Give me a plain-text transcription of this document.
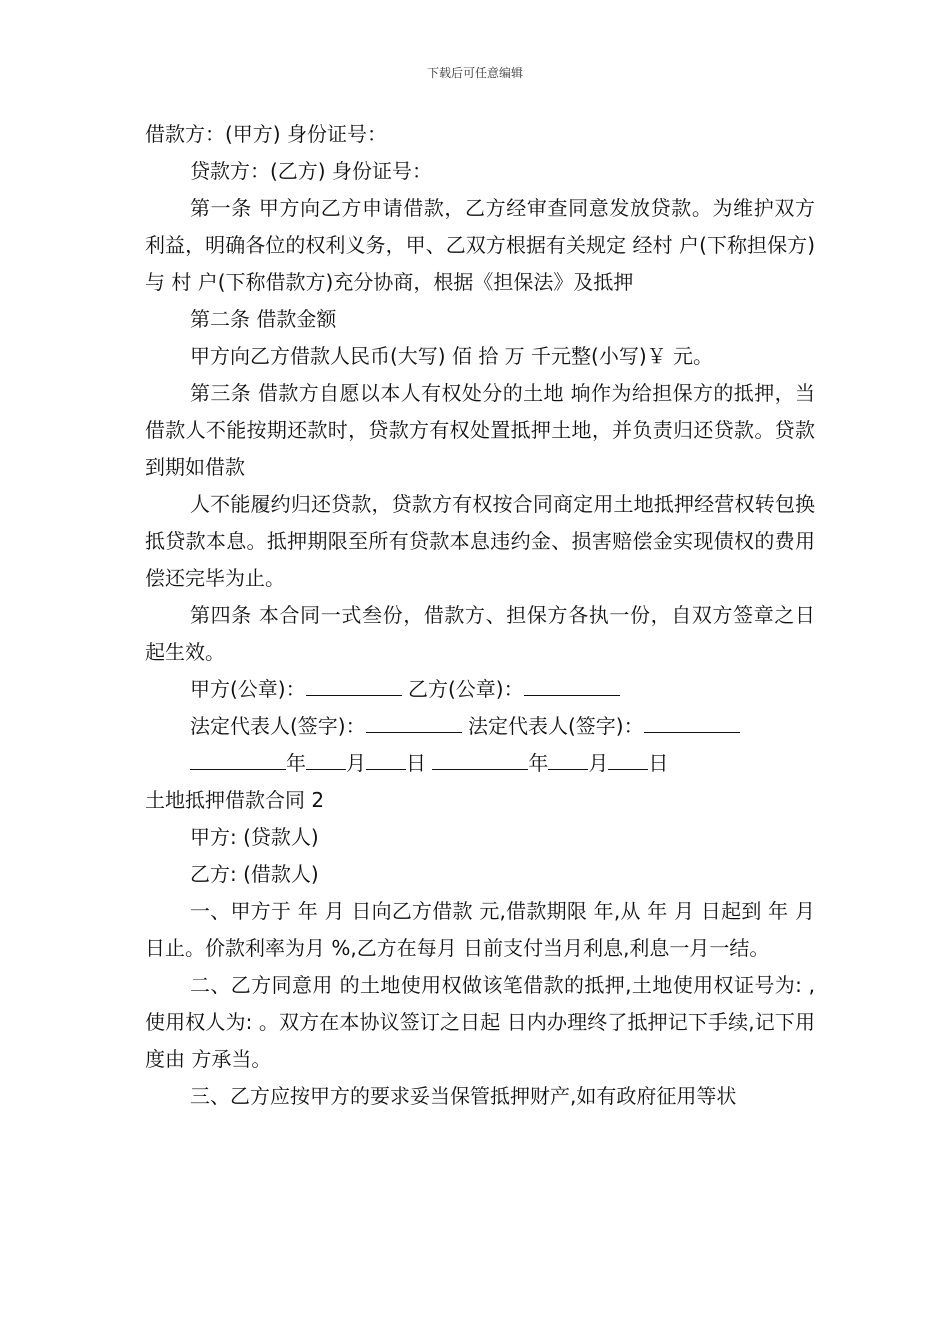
下载后可任意编辑
借款方：(甲方) 身份证号：
贷款方：(乙方) 身份证号：
第一条 甲方向乙方申请借款，乙方经审查同意发放贷款。为维护双方利益，明确各位的权利义务，甲、乙双方根据有关规定 经村 户(下称担保方)与 村 户(下称借款方)充分协商，根据《担保法》及抵押
第二条 借款金额
甲方向乙方借款人民币(大写) 佰 拾 万 千元整(小写)￥ 元。
第三条 借款方自愿以本人有权处分的土地 垧作为给担保方的抵押，当借款人不能按期还款时，贷款方有权处置抵押土地，并负责归还贷款。贷款到期如借款
人不能履约归还贷款，贷款方有权按合同商定用土地抵押经营权转包换抵贷款本息。抵押期限至所有贷款本息违约金、损害赔偿金实现债权的费用偿还完毕为止。
第四条 本合同一式叁份，借款方、担保方各执一份，自双方签章之日起生效。
甲方(公章)：	乙方(公章)：
法定代表人(签字)：	法定代表人(签字)：
年 月 日	年 月 日
土地抵押借款合同 2
甲方: (贷款人)
乙方: (借款人)
一、甲方于 年 月 日向乙方借款 元,借款期限 年,从 年 月 日起到 年 月 日止。价款利率为月 %,乙方在每月 日前支付当月利息,利息一月一结。
二、乙方同意用 的土地使用权做该笔借款的抵押,土地使用权证号为: ,使用权人为: 。双方在本协议签订之日起 日内办理终了抵押记下手续,记下用度由 方承当。
三、乙方应按甲方的要求妥当保管抵押财产,如有政府征用等状
